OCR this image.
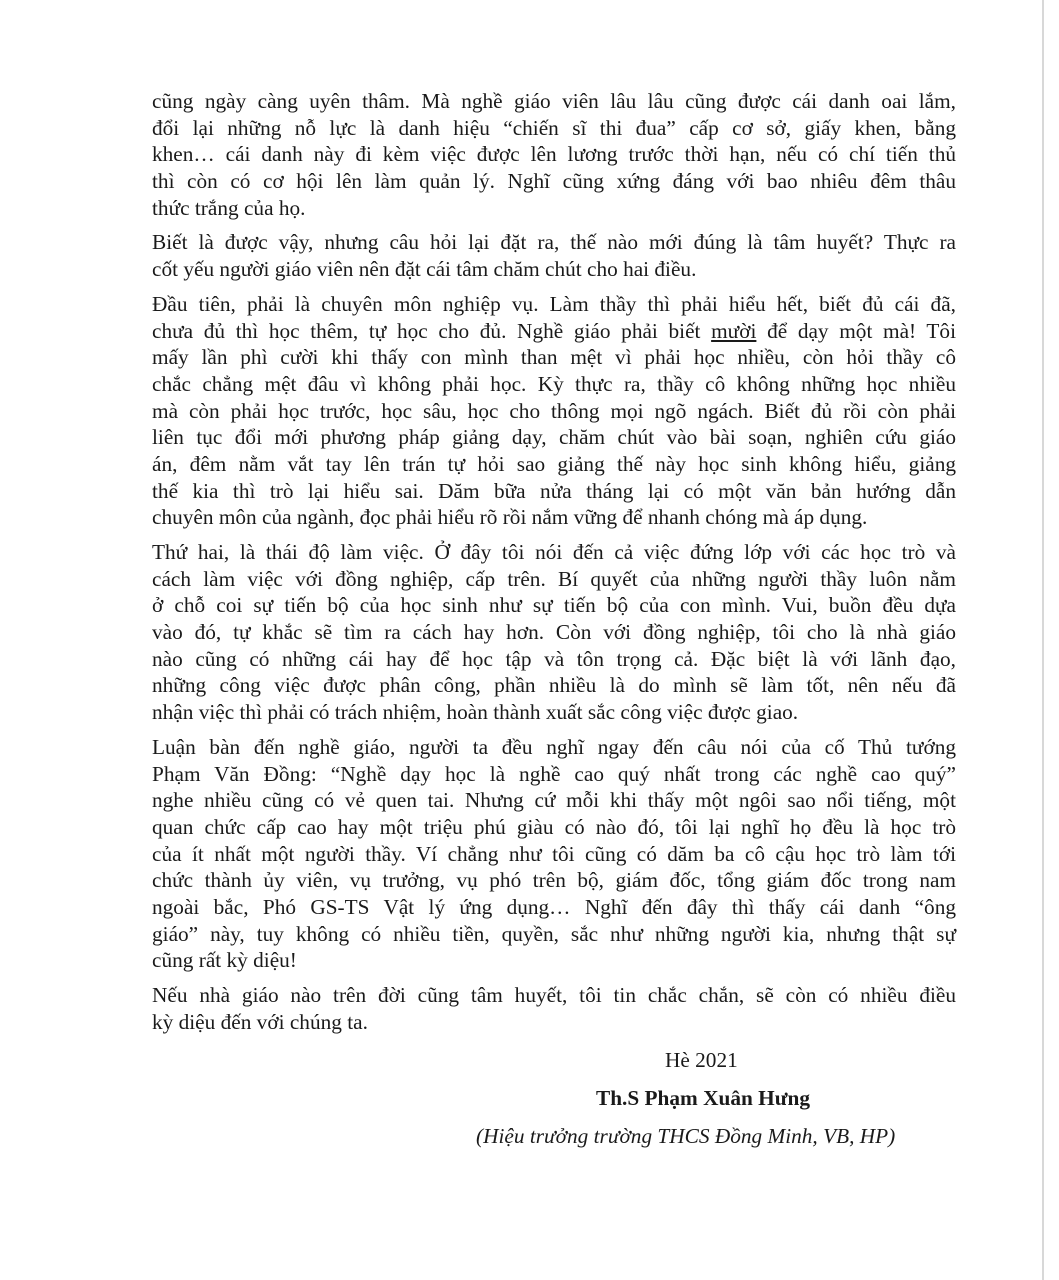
cũng ngày càng uyên thâm. Mà nghề giáo viên lâu lâu cũng được cái danh oai lắm,
đổi lại những nỗ lực là danh hiệu “chiến sĩ thi đua” cấp cơ sở, giấy khen, bằng
khen… cái danh này đi kèm việc được lên lương trước thời hạn, nếu có chí tiến thủ
thì còn có cơ hội lên làm quản lý. Nghĩ cũng xứng đáng với bao nhiêu đêm thâu
thức trắng của họ.
Biết là được vậy, nhưng câu hỏi lại đặt ra, thế nào mới đúng là tâm huyết? Thực ra
cốt yếu người giáo viên nên đặt cái tâm chăm chút cho hai điều.
Đầu tiên, phải là chuyên môn nghiệp vụ. Làm thầy thì phải hiểu hết, biết đủ cái đã,
chưa đủ thì học thêm, tự học cho đủ. Nghề giáo phải biết mười để dạy một mà! Tôi
mấy lần phì cười khi thấy con mình than mệt vì phải học nhiều, còn hỏi thầy cô
chắc chẳng mệt đâu vì không phải học. Kỳ thực ra, thầy cô không những học nhiều
mà còn phải học trước, học sâu, học cho thông mọi ngõ ngách. Biết đủ rồi còn phải
liên tục đổi mới phương pháp giảng dạy, chăm chút vào bài soạn, nghiên cứu giáo
án, đêm nằm vắt tay lên trán tự hỏi sao giảng thế này học sinh không hiểu, giảng
thế kia thì trò lại hiểu sai. Dăm bữa nửa tháng lại có một văn bản hướng dẫn
chuyên môn của ngành, đọc phải hiểu rõ rồi nắm vững để nhanh chóng mà áp dụng.
Thứ hai, là thái độ làm việc. Ở đây tôi nói đến cả việc đứng lớp với các học trò và
cách làm việc với đồng nghiệp, cấp trên. Bí quyết của những người thầy luôn nằm
ở chỗ coi sự tiến bộ của học sinh như sự tiến bộ của con mình. Vui, buồn đều dựa
vào đó, tự khắc sẽ tìm ra cách hay hơn. Còn với đồng nghiệp, tôi cho là nhà giáo
nào cũng có những cái hay để học tập và tôn trọng cả. Đặc biệt là với lãnh đạo,
những công việc được phân công, phần nhiều là do mình sẽ làm tốt, nên nếu đã
nhận việc thì phải có trách nhiệm, hoàn thành xuất sắc công việc được giao.
Luận bàn đến nghề giáo, người ta đều nghĩ ngay đến câu nói của cố Thủ tướng
Phạm Văn Đồng: “Nghề dạy học là nghề cao quý nhất trong các nghề cao quý”
nghe nhiều cũng có vẻ quen tai. Nhưng cứ mỗi khi thấy một ngôi sao nổi tiếng, một
quan chức cấp cao hay một triệu phú giàu có nào đó, tôi lại nghĩ họ đều là học trò
của ít nhất một người thầy. Ví chẳng như tôi cũng có dăm ba cô cậu học trò làm tới
chức thành ủy viên, vụ trưởng, vụ phó trên bộ, giám đốc, tổng giám đốc trong nam
ngoài bắc, Phó GS-TS Vật lý ứng dụng… Nghĩ đến đây thì thấy cái danh “ông
giáo” này, tuy không có nhiều tiền, quyền, sắc như những người kia, nhưng thật sự
cũng rất kỳ diệu!
Nếu nhà giáo nào trên đời cũng tâm huyết, tôi tin chắc chắn, sẽ còn có nhiều điều
kỳ diệu đến với chúng ta.
Hè 2021
Th.S Phạm Xuân Hưng
(Hiệu trưởng trường THCS Đồng Minh, VB, HP)
